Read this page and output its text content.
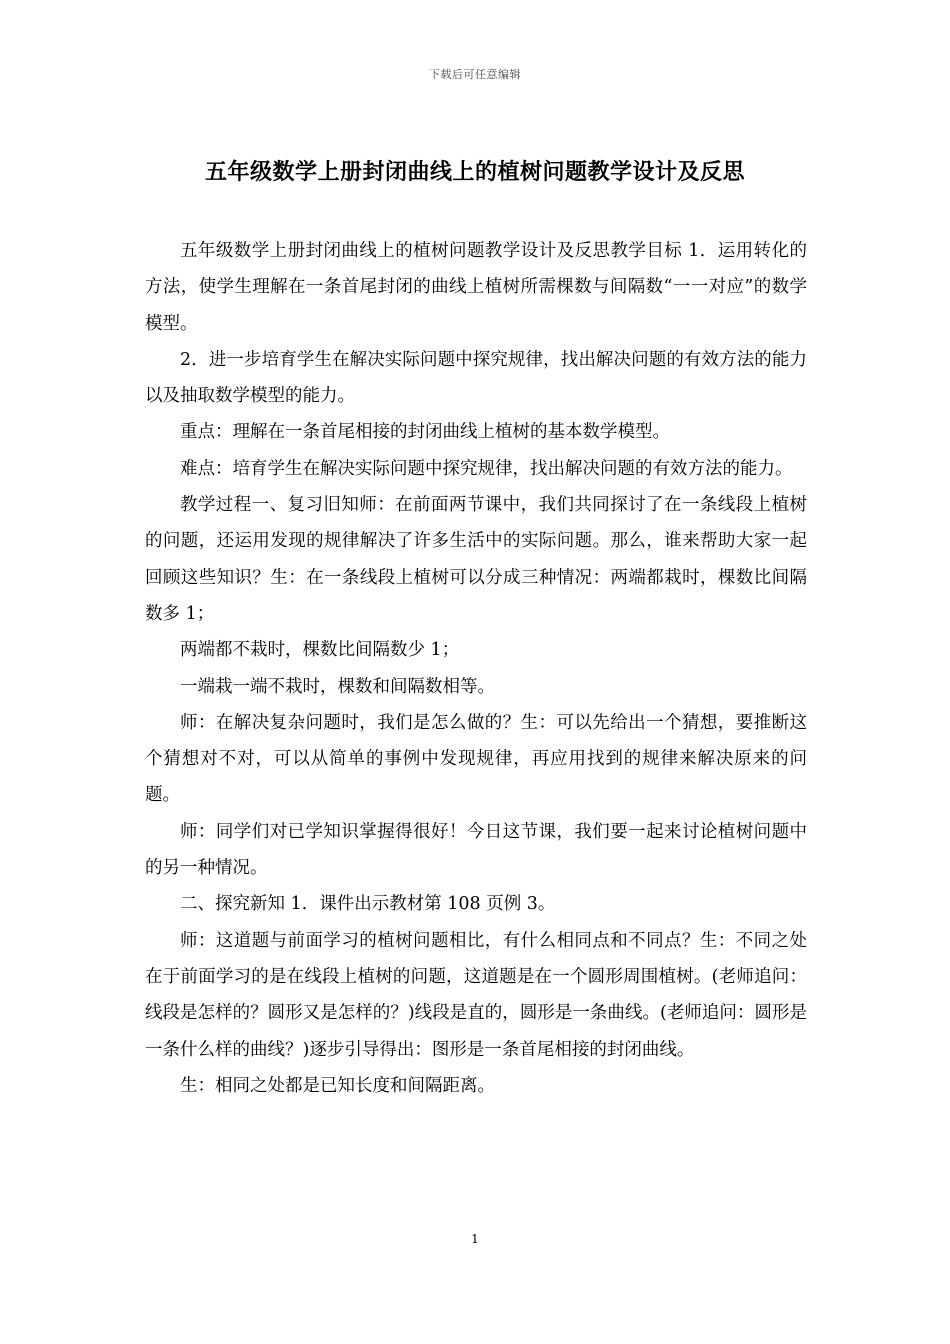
下载后可任意编辑
五年级数学上册封闭曲线上的植树问题教学设计及反思

五年级数学上册封闭曲线上的植树问题教学设计及反思教学目标 1．运用转化的方法，使学生理解在一条首尾封闭的曲线上植树所需棵数与间隔数“一一对应”的数学模型。

2．进一步培育学生在解决实际问题中探究规律，找出解决问题的有效方法的能力以及抽取数学模型的能力。

重点：理解在一条首尾相接的封闭曲线上植树的基本数学模型。

难点：培育学生在解决实际问题中探究规律，找出解决问题的有效方法的能力。

教学过程一、复习旧知师：在前面两节课中，我们共同探讨了在一条线段上植树的问题，还运用发现的规律解决了许多生活中的实际问题。那么，谁来帮助大家一起回顾这些知识？生：在一条线段上植树可以分成三种情况：两端都栽时，棵数比间隔数多 1；

两端都不栽时，棵数比间隔数少 1；

一端栽一端不栽时，棵数和间隔数相等。

师：在解决复杂问题时，我们是怎么做的？生：可以先给出一个猜想，要推断这个猜想对不对，可以从简单的事例中发现规律，再应用找到的规律来解决原来的问题。

师：同学们对已学知识掌握得很好！今日这节课，我们要一起来讨论植树问题中的另一种情况。

二、探究新知 1．课件出示教材第 108 页例 3。

师：这道题与前面学习的植树问题相比，有什么相同点和不同点？生：不同之处在于前面学习的是在线段上植树的问题，这道题是在一个圆形周围植树。(老师追问：线段是怎样的？圆形又是怎样的？)线段是直的，圆形是一条曲线。(老师追问：圆形是一条什么样的曲线？)逐步引导得出：图形是一条首尾相接的封闭曲线。

生：相同之处都是已知长度和间隔距离。

1
